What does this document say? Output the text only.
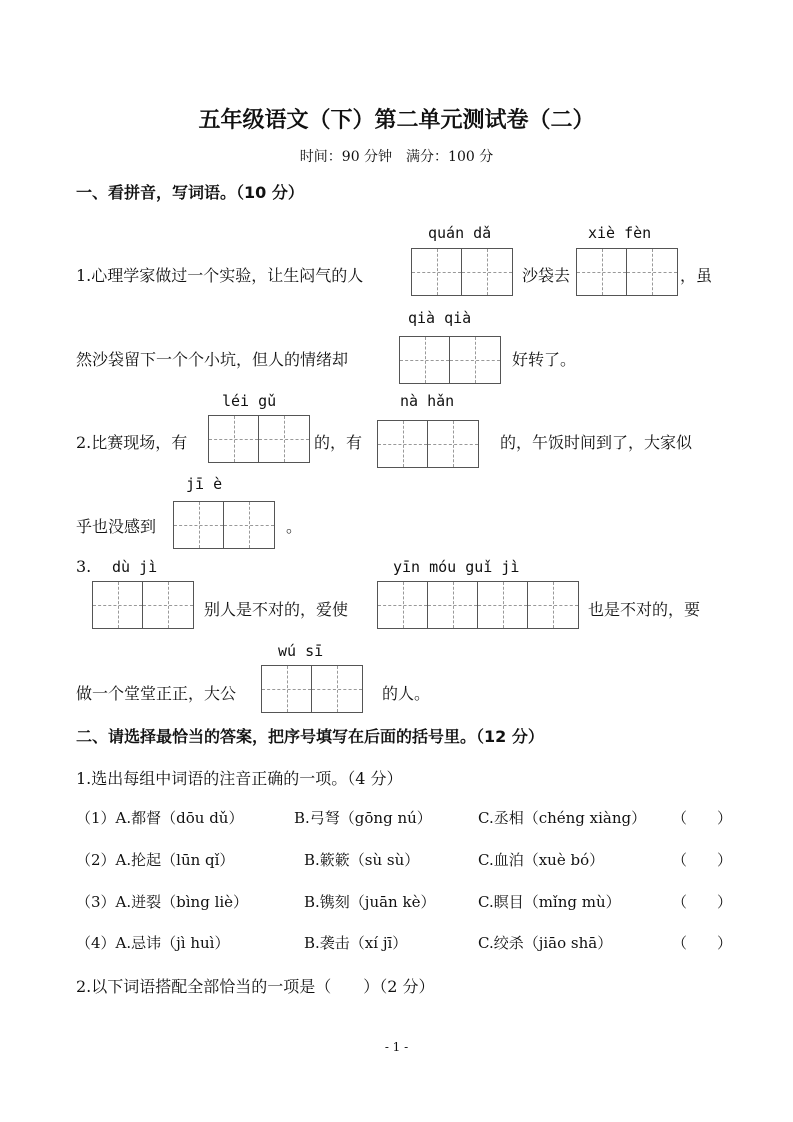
五年级语文（下）第二单元测试卷（二）
时间：90 分钟　满分：100 分
一、看拼音，写词语。（10 分）
quán dǎ	xiè fèn
1.心理学家做过一个实验，让生闷气的人	沙袋去	，虽
qià qià
然沙袋留下一个个小坑，但人的情绪却	好转了。
léi gǔ	nà hǎn
2.比赛现场，有	的，有	的，午饭时间到了，大家似
jī è
乎也没感到	。
3. dù jì	yīn móu guǐ jì
别人是不对的，爱使	也是不对的，要
wú sī
做一个堂堂正正，大公	的人。
二、请选择最恰当的答案，把序号填写在后面的括号里。（12 分）
1.选出每组中词语的注音正确的一项。（4 分）
（1）A.都督（dōu dǔ）	B.弓弩（gōng nú）	C.丞相（chéng xiàng） （　　）
（2）A.抡起（lūn qǐ）	B.簌簌（sù sù）	C.血泊（xuè bó）	（　　）
（3）A.迸裂（bìng liè）	B.镌刻（juān kè）	C.瞑目（mǐng mù）	（　　）
（4）A.忌讳（jì huì）	B.袭击（xí jī）	C.绞杀（jiāo shā）	（　　）
2.以下词语搭配全部恰当的一项是（　　）（2 分）
- 1 -
